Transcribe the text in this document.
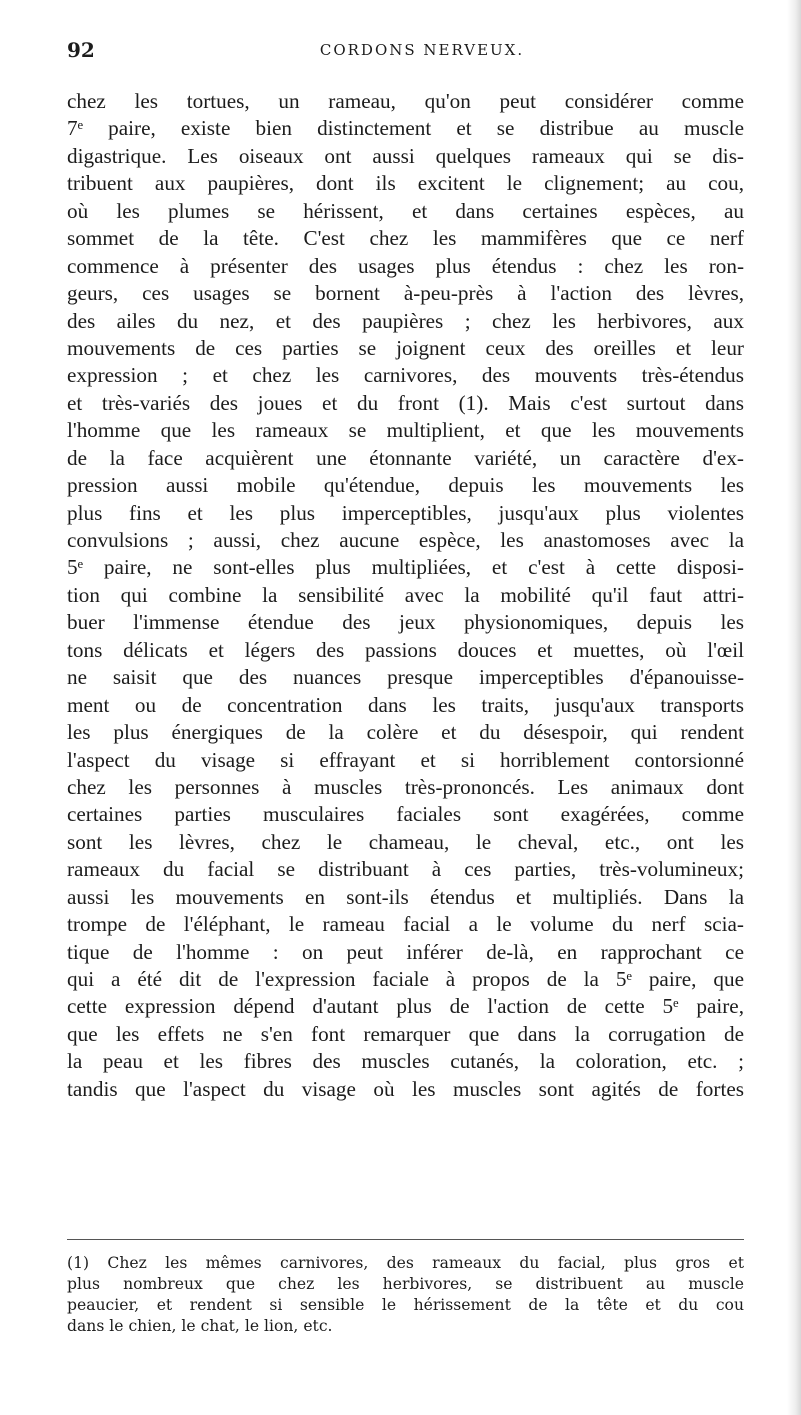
92	CORDONS NERVEUX.
chez les tortues, un rameau, qu'on peut considérer comme
7ᵉ paire, existe bien distinctement et se distribue au muscle
digastrique. Les oiseaux ont aussi quelques rameaux qui se dis-
tribuent aux paupières, dont ils excitent le clignement; au cou,
où les plumes se hérissent, et dans certaines espèces, au
sommet de la tête. C'est chez les mammifères que ce nerf
commence à présenter des usages plus étendus : chez les ron-
geurs, ces usages se bornent à-peu-près à l'action des lèvres,
des ailes du nez, et des paupières ; chez les herbivores, aux
mouvements de ces parties se joignent ceux des oreilles et leur
expression ; et chez les carnivores, des mouvents très-étendus
et très-variés des joues et du front (1). Mais c'est surtout dans
l'homme que les rameaux se multiplient, et que les mouvements
de la face acquièrent une étonnante variété, un caractère d'ex-
pression aussi mobile qu'étendue, depuis les mouvements les
plus fins et les plus imperceptibles, jusqu'aux plus violentes
convulsions ; aussi, chez aucune espèce, les anastomoses avec la
5ᵉ paire, ne sont-elles plus multipliées, et c'est à cette disposi-
tion qui combine la sensibilité avec la mobilité qu'il faut attri-
buer l'immense étendue des jeux physionomiques, depuis les
tons délicats et légers des passions douces et muettes, où l'œil
ne saisit que des nuances presque imperceptibles d'épanouisse-
ment ou de concentration dans les traits, jusqu'aux transports
les plus énergiques de la colère et du désespoir, qui rendent
l'aspect du visage si effrayant et si horriblement contorsionné
chez les personnes à muscles très-prononcés. Les animaux dont
certaines parties musculaires faciales sont exagérées, comme
sont les lèvres, chez le chameau, le cheval, etc., ont les
rameaux du facial se distribuant à ces parties, très-volumineux;
aussi les mouvements en sont-ils étendus et multipliés. Dans la
trompe de l'éléphant, le rameau facial a le volume du nerf scia-
tique de l'homme : on peut inférer de-là, en rapprochant ce
qui a été dit de l'expression faciale à propos de la 5ᵉ paire, que
cette expression dépend d'autant plus de l'action de cette 5ᵉ paire,
que les effets ne s'en font remarquer que dans la corrugation de
la peau et les fibres des muscles cutanés, la coloration, etc. ;
tandis que l'aspect du visage où les muscles sont agités de fortes
(1) Chez les mêmes carnivores, des rameaux du facial, plus gros et
plus nombreux que chez les herbivores, se distribuent au muscle
peaucier, et rendent si sensible le hérissement de la tête et du cou
dans le chien, le chat, le lion, etc.
